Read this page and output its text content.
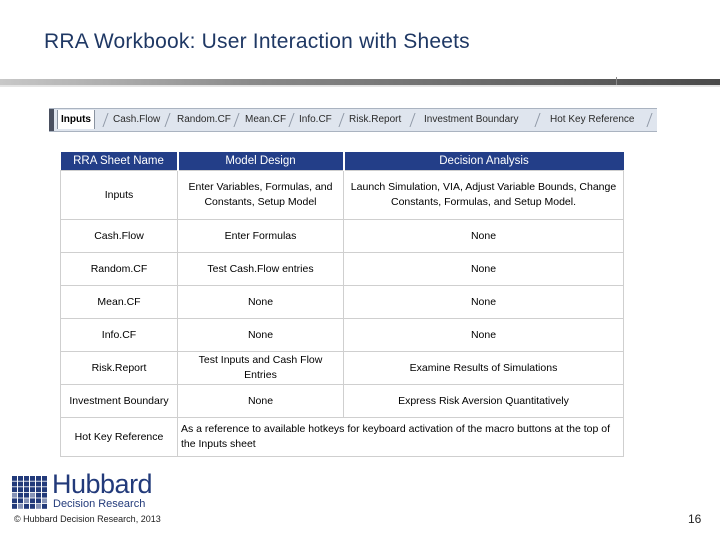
RRA Workbook: User Interaction with Sheets
Inputs	Cash.Flow	Random.CF	Mean.CF	Info.CF	Risk.Report	Investment Boundary	Hot Key Reference
RRA Sheet Name	Model Design	Decision Analysis
Inputs	Enter Variables, Formulas, and Constants, Setup Model	Launch Simulation, VIA, Adjust Variable Bounds, Change Constants, Formulas, and Setup Model.
Cash.Flow	Enter Formulas	None
Random.CF	Test Cash.Flow entries	None
Mean.CF	None	None
Info.CF	None	None
Risk.Report	Test Inputs and Cash Flow Entries	Examine Results of Simulations
Investment Boundary	None	Express Risk Aversion Quantitatively
Hot Key Reference	As a reference to available hotkeys for keyboard activation of the macro buttons at the top of the Inputs sheet	
Hubbard
Decision Research
© Hubbard Decision Research, 2013	16
